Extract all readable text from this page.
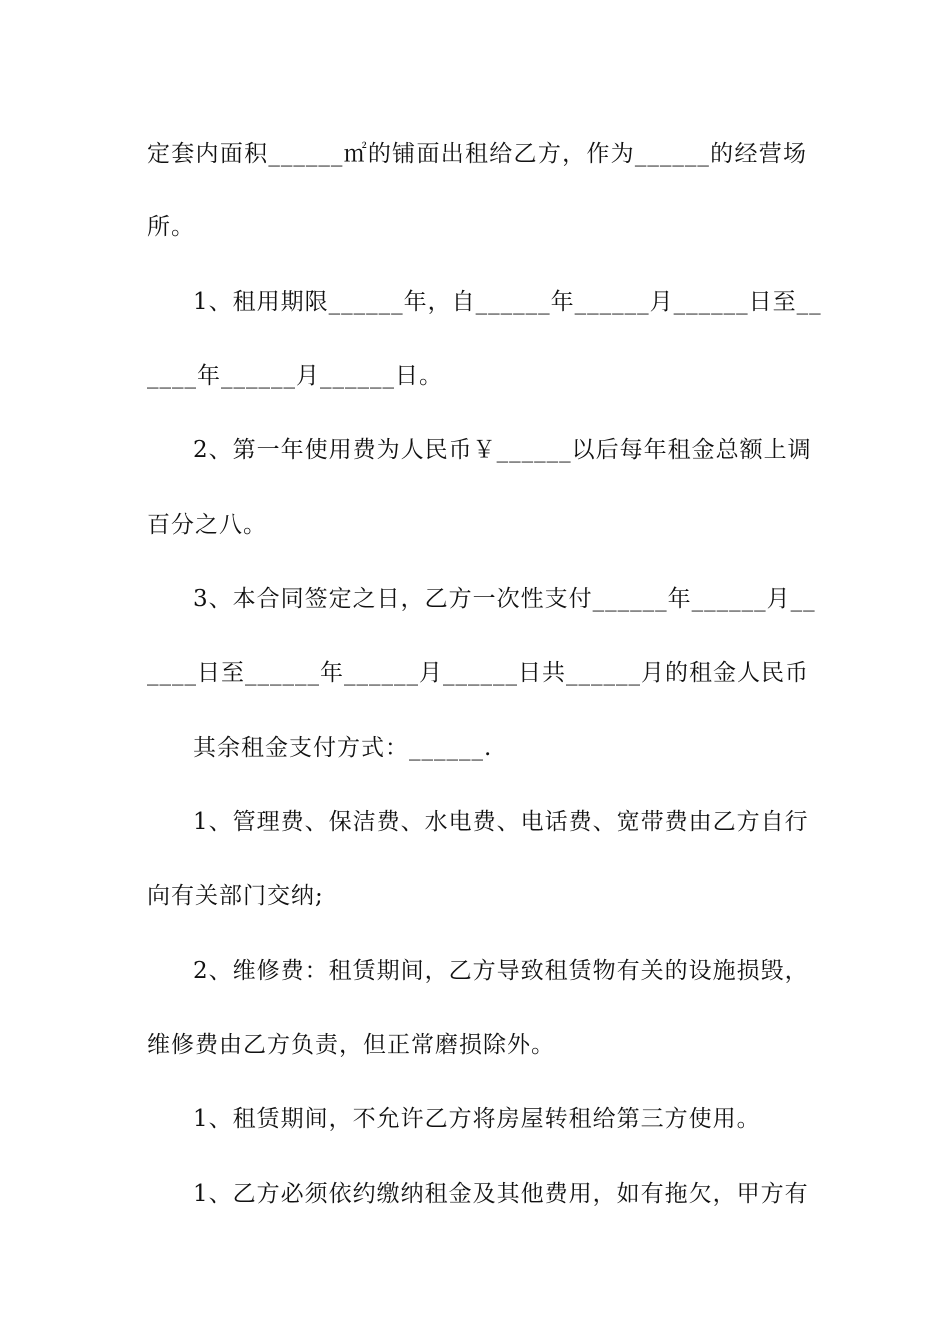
定套内面积______㎡的铺面出租给乙方，作为______的经营场
所。
1、租用期限______年，自______年______月______日至__
____年______月______日。
2、第一年使用费为人民币￥______以后每年租金总额上调
百分之八。
3、本合同签定之日，乙方一次性支付______年______月__
____日至______年______月______日共______月的租金人民币
其余租金支付方式：______.
1、管理费、保洁费、水电费、电话费、宽带费由乙方自行
向有关部门交纳;
2、维修费：租赁期间，乙方导致租赁物有关的设施损毁，
维修费由乙方负责，但正常磨损除外。
1、租赁期间，不允许乙方将房屋转租给第三方使用。
1、乙方必须依约缴纳租金及其他费用，如有拖欠，甲方有
